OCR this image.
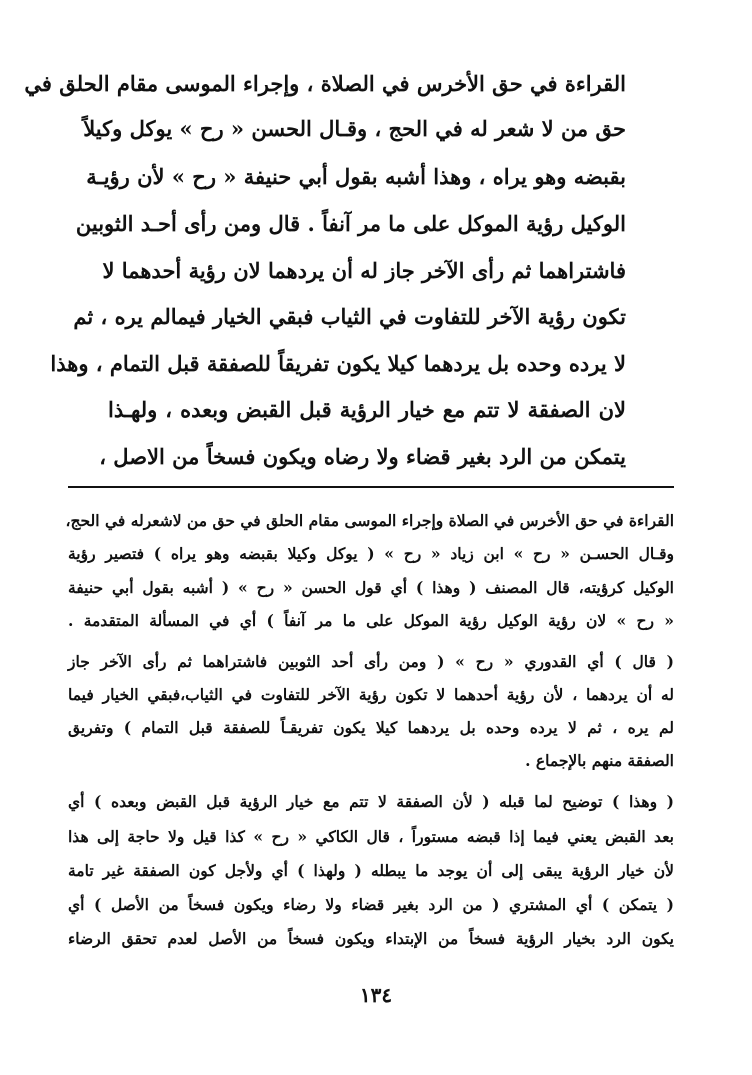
القراءة في حق الأخرس في الصلاة ، وإجراء الموسى مقام الحلق في
حق من لا شعر له في الحج ، وقـال الحسن « رح » يوكل وكيلاً
بقبضه وهو يراه ، وهذا أشبه بقول أبي حنيفة « رح » لأن رؤيـة
الوكيل رؤية الموكل على ما مر آنفاً . قال ومن رأى أحـد الثوبين
فاشتراهما ثم رأى الآخر جاز له أن يردهما لان رؤية أحدهما لا
تكون رؤية الآخر للتفاوت في الثياب فبقي الخيار فيمالم يره ، ثم
لا يرده وحده بل يردهما كيلا يكون تفريقاً للصفقة قبل التمام ، وهذا
لان الصفقة لا تتم مع خيار الرؤية قبل القبض وبعده ، ولهـذا
يتمكن من الرد بغير قضاء ولا رضاه ويكون فسخاً من الاصل ،
القراءة في حق الأخرس في الصلاة وإجراء الموسى مقام الحلق في حق من لاشعرله في الحج،
وقـال الحسـن « رح » ابن زياد « رح » ( يوكل وكيلا بقبضه وهو يراه ) فتصير رؤية
الوكيل كرؤيته، قال المصنف ( وهذا ) أي قول الحسن « رح » ( أشبه بقول أبي حنيفة
« رح » لان رؤية الوكيل رؤية الموكل على ما مر آنفاً ) أي في المسألة المتقدمة .
( قال ) أي القدوري « رح » ( ومن رأى أحد الثوبين فاشتراهما ثم رأى الآخر جاز
له أن يردهما ، لأن رؤية أحدهما لا تكون رؤية الآخر للتفاوت في الثياب،فبقي الخيار فيما
لم يره ، ثم لا يرده وحده بل يردهما كيلا يكون تفريقـاً للصفقة قبل التمام ) وتفريق
الصفقة منهم بالإجماع .
( وهذا ) توضيح لما قبله ( لأن الصفقة لا تتم مع خيار الرؤية قبل القبض وبعده ) أي
بعد القبض يعني فيما إذا قبضه مستوراً ، قال الكاكي « رح » كذا قيل ولا حاجة إلى هذا
لأن خيار الرؤية يبقى إلى أن يوجد ما يبطله ( ولهذا ) أي ولأجل كون الصفقة غير تامة
( يتمكن ) أي المشتري ( من الرد بغير قضاء ولا رضاء ويكون فسخاً من الأصل ) أي
يكون الرد بخيار الرؤية فسخاً من الإبتداء ويكون فسخاً من الأصل لعدم تحقق الرضاء
١٣٤
